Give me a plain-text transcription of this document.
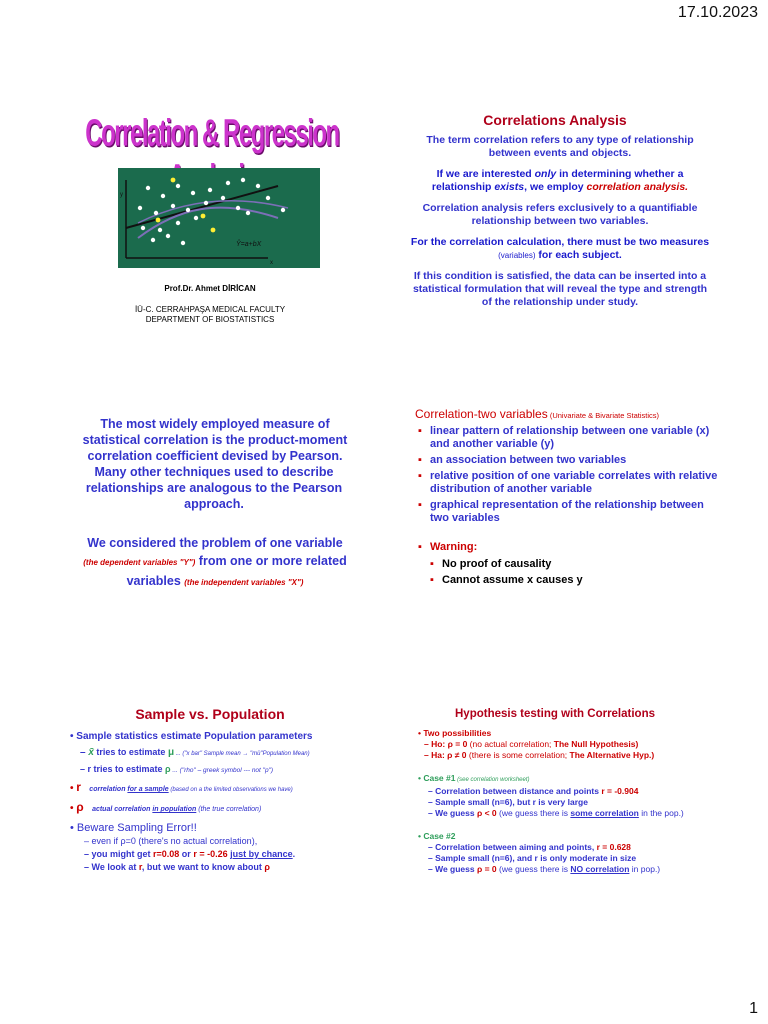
17.10.2023
Correlation & Regression
y
x
Ŷ=a+bX
Prof.Dr. Ahmet DİRİCAN
İÜ-C. CERRAHPAŞA MEDICAL FACULTY
DEPARTMENT OF BIOSTATISTICS
Correlations Analysis

The term correlation refers to any type of relationship between events and objects.

If we are interested only in determining whether a relationship exists, we employ correlation analysis.

Correlation analysis refers exclusively to a quantifiable relationship between two variables.

For the correlation calculation, there must be two measures (variables) for each subject.

If this condition is satisfied, the data can be inserted into a statistical formulation that will reveal the type and strength of the relationship under study.

The most widely employed measure of statistical correlation is the product-moment correlation coefficient devised by Pearson.
Many other techniques used to describe relationships are analogous to the Pearson approach.
We considered the problem of one variable
(the dependent variables "Y") from one or more related variables (the independent variables "X")
Correlation-two variables (Univariate & Bivariate Statistics)
▪ linear pattern of relationship between one variable (x) and another variable (y)
▪ an association between two variables
▪ relative position of one variable correlates with relative distribution of another variable
▪ graphical representation of the relationship between two variables
▪ Warning:
▪ No proof of causality
▪ Cannot assume x causes y
Sample vs. Population
• Sample statistics estimate Population parameters
– x̄ tries to estimate μ ... ("x bar" Sample mean → "mü"Population Mean)
– r tries to estimate ρ ... ("rho" – greek symbol --- not "p")
• r correlation for a sample (based on a the limited observations we have)
• ρ actual correlation in population (the true correlation)
• Beware Sampling Error!!
– even if ρ=0 (there's no actual correlation),
– you might get r=0.08 or r = -0.26 just by chance.
– We look at r, but we want to know about ρ
Hypothesis testing with Correlations
• Two possibilities
– Ho: ρ = 0 (no actual correlation; The Null Hypothesis)
– Ha: ρ ≠ 0 (there is some correlation; The Alternative Hyp.)
• Case #1 (see correlation worksheet)
– Correlation between distance and points r = -0.904
– Sample small (n=6), but r is very large
– We guess ρ < 0 (we guess there is some correlation in the pop.)
• Case #2
– Correlation between aiming and points, r = 0.628
– Sample small (n=6), and r is only moderate in size
– We guess ρ = 0 (we guess there is NO correlation in pop.)
1
